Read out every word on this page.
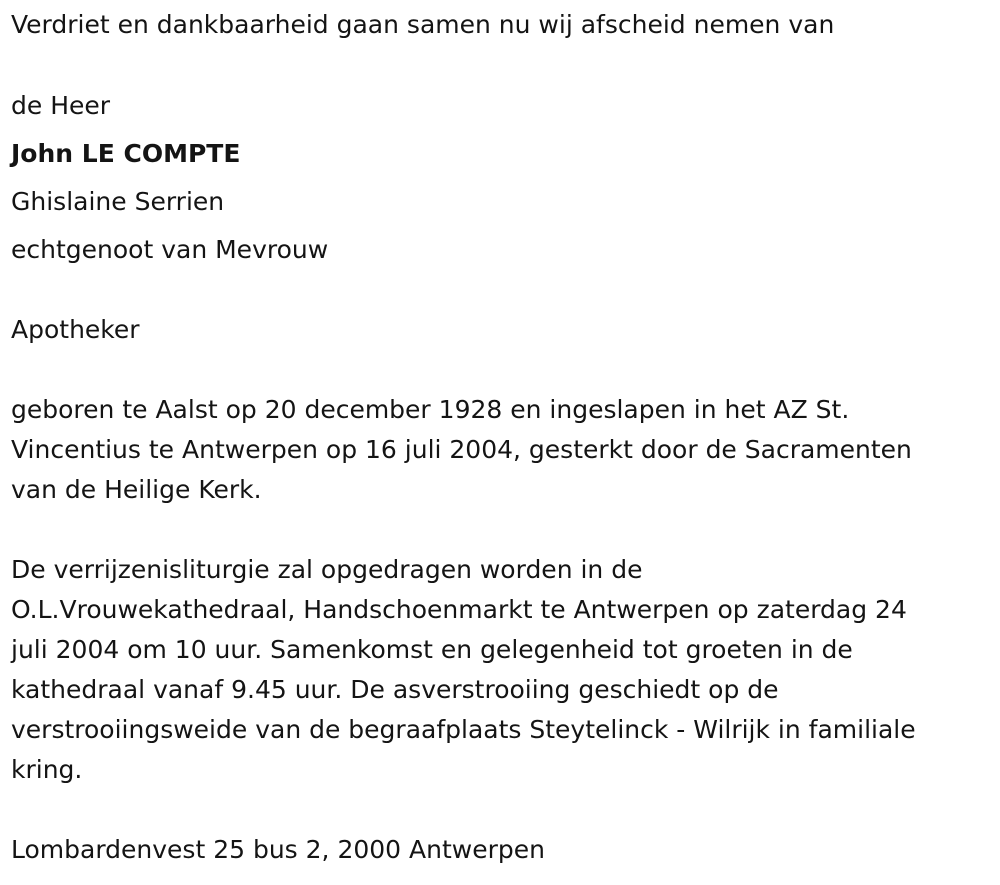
Verdriet en dankbaarheid gaan samen nu wij afscheid nemen van

de Heer

John LE COMPTE

Ghislaine Serrien

echtgenoot van Mevrouw

Apotheker

geboren te Aalst op 20 december 1928 en ingeslapen in het AZ St.

Vincentius te Antwerpen op 16 juli 2004, gesterkt door de Sacramenten

van de Heilige Kerk.

De verrijzenisliturgie zal opgedragen worden in de

O.L.Vrouwekathedraal, Handschoenmarkt te Antwerpen op zaterdag 24

juli 2004 om 10 uur. Samenkomst en gelegenheid tot groeten in de

kathedraal vanaf 9.45 uur. De asverstrooiing geschiedt op de

verstrooiingsweide van de begraafplaats Steytelinck - Wilrijk in familiale

kring.

Lombardenvest 25 bus 2, 2000 Antwerpen
